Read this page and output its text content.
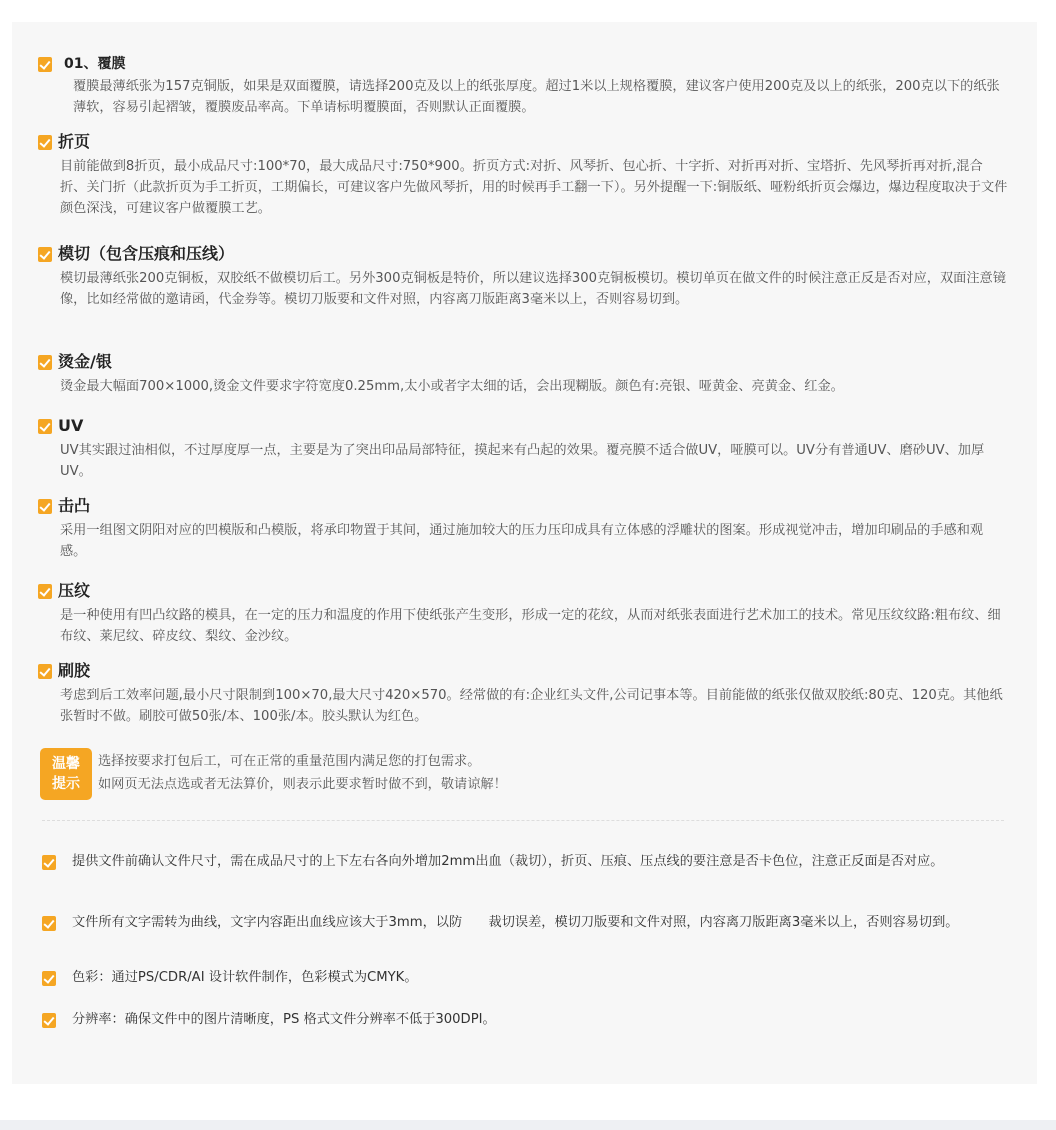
01、覆膜
覆膜最薄纸张为157克铜版，如果是双面覆膜，请选择200克及以上的纸张厚度。超过1米以上规格覆膜，建议客户使用200克及以上的纸张，200克以下的纸张薄软，容易引起褶皱，覆膜废品率高。下单请标明覆膜面，否则默认正面覆膜。
折页
目前能做到8折页，最小成品尺寸:100*70，最大成品尺寸:750*900。折页方式:对折、风琴折、包心折、十字折、对折再对折、宝塔折、先风琴折再对折,混合折、关门折（此款折页为手工折页，工期偏长，可建议客户先做风琴折，用的时候再手工翻一下）。另外提醒一下:铜版纸、哑粉纸折页会爆边，爆边程度取决于文件颜色深浅，可建议客户做覆膜工艺。
模切（包含压痕和压线）
模切最薄纸张200克铜板，双胶纸不做模切后工。另外300克铜板是特价，所以建议选择300克铜板模切。模切单页在做文件的时候注意正反是否对应，双面注意镜像，比如经常做的邀请函，代金券等。模切刀版要和文件对照，内容离刀版距离3毫米以上，否则容易切到。
烫金/银
烫金最大幅面700×1000,烫金文件要求字符宽度0.25mm,太小或者字太细的话，会出现糊版。颜色有:亮银、哑黄金、亮黄金、红金。
UV
UV其实跟过油相似，不过厚度厚一点，主要是为了突出印品局部特征，摸起来有凸起的效果。覆亮膜不适合做UV，哑膜可以。UV分有普通UV、磨砂UV、加厚UV。
击凸
采用一组图文阴阳对应的凹模版和凸模版，将承印物置于其间，通过施加较大的压力压印成具有立体感的浮雕状的图案。形成视觉冲击，增加印刷品的手感和观感。
压纹
是一种使用有凹凸纹路的模具，在一定的压力和温度的作用下使纸张产生变形，形成一定的花纹，从而对纸张表面进行艺术加工的技术。常见压纹纹路:粗布纹、细布纹、莱尼纹、碎皮纹、梨纹、金沙纹。
刷胶
考虑到后工效率问题,最小尺寸限制到100×70,最大尺寸420×570。经常做的有:企业红头文件,公司记事本等。目前能做的纸张仅做双胶纸:80克、120克。其他纸张暂时不做。刷胶可做50张/本、100张/本。胶头默认为红色。
温馨
提示
选择按要求打包后工，可在正常的重量范围内满足您的打包需求。
如网页无法点选或者无法算价，则表示此要求暂时做不到，敬请谅解！
提供文件前确认文件尺寸，需在成品尺寸的上下左右各向外增加2mm出血（裁切），折页、压痕、压点线的要注意是否卡色位，注意正反面是否对应。
文件所有文字需转为曲线，文字内容距出血线应该大于3mm，以防　　裁切误差，模切刀版要和文件对照，内容离刀版距离3毫米以上，否则容易切到。
色彩：通过PS/CDR/AI 设计软件制作，色彩模式为CMYK。
分辨率：确保文件中的图片清晰度，PS 格式文件分辨率不低于300DPI。
